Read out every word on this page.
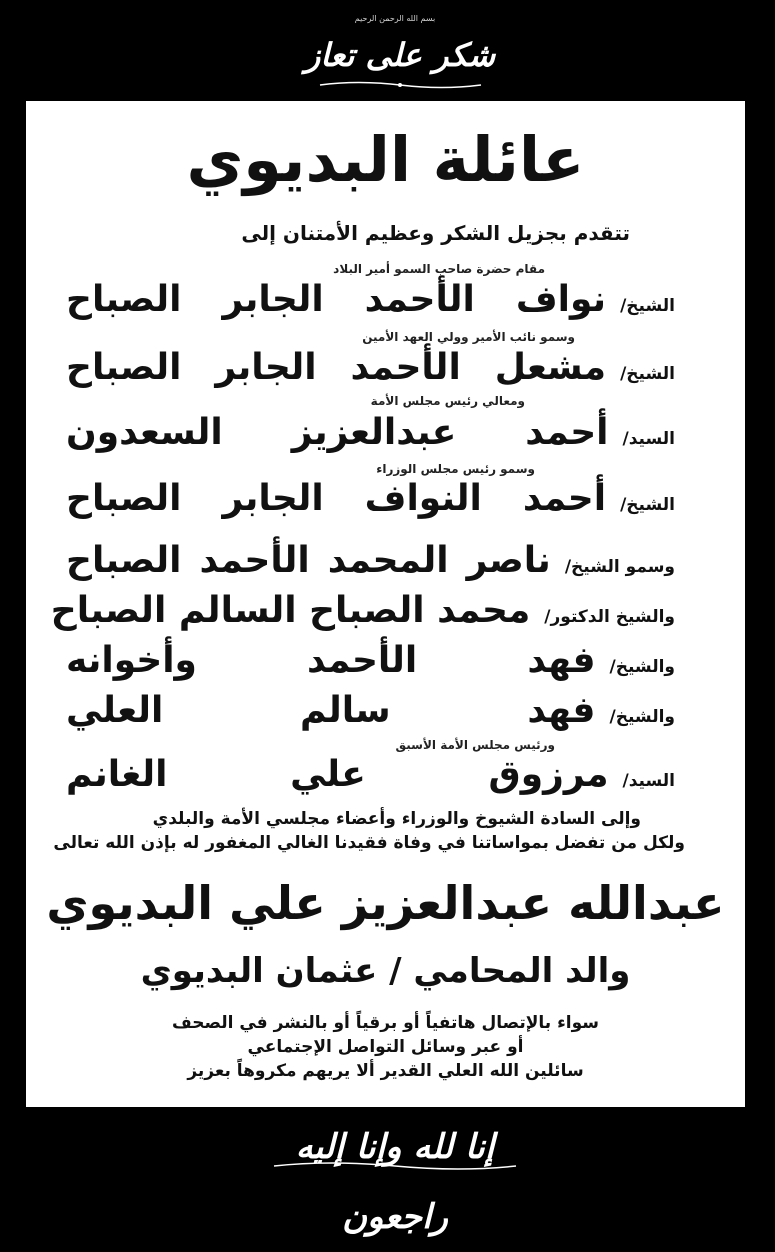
بسم الله الرحمن الرحيم
شكر على تعاز
عائلة البديوي
تتقدم بجزيل الشكر وعظيم الأمتنان إلى
مقام حضرة صاحب السمو أمير البلاد
الشيخ/
نواف الأحمد الجابر الصباح
وسمو نائب الأمير وولي العهد الأمين
الشيخ/
مشعل الأحمد الجابر الصباح
ومعالي رئيس مجلس الأمة
السيد/
أحمد عبدالعزيز السعدون
وسمو رئيس مجلس الوزراء
الشيخ/
أحمد النواف الجابر الصباح
وسمو الشيخ/
ناصر المحمد الأحمد الصباح
والشيخ الدكتور/
محمد الصباح السالم الصباح
والشيخ/
فهد الأحمد وأخوانه
والشيخ/
فهد سالم العلي
ورئيس مجلس الأمة الأسبق
السيد/
مرزوق علي الغانم
وإلى السادة الشيوخ والوزراء وأعضاء مجلسي الأمة والبلدي
ولكل من تفضل بمواساتنا في وفاة فقيدنا الغالي المغفور له بإذن الله تعالى
عبدالله عبدالعزيز علي البديوي
والد المحامي / عثمان البديوي
سواء بالإتصال هاتفياً أو برقياً أو بالنشر في الصحف
أو عبر وسائل التواصل الإجتماعي
سائلين الله العلي القدير ألا يريهم مكروهاً بعزيز
إنا لله وإنا إليه راجعون
